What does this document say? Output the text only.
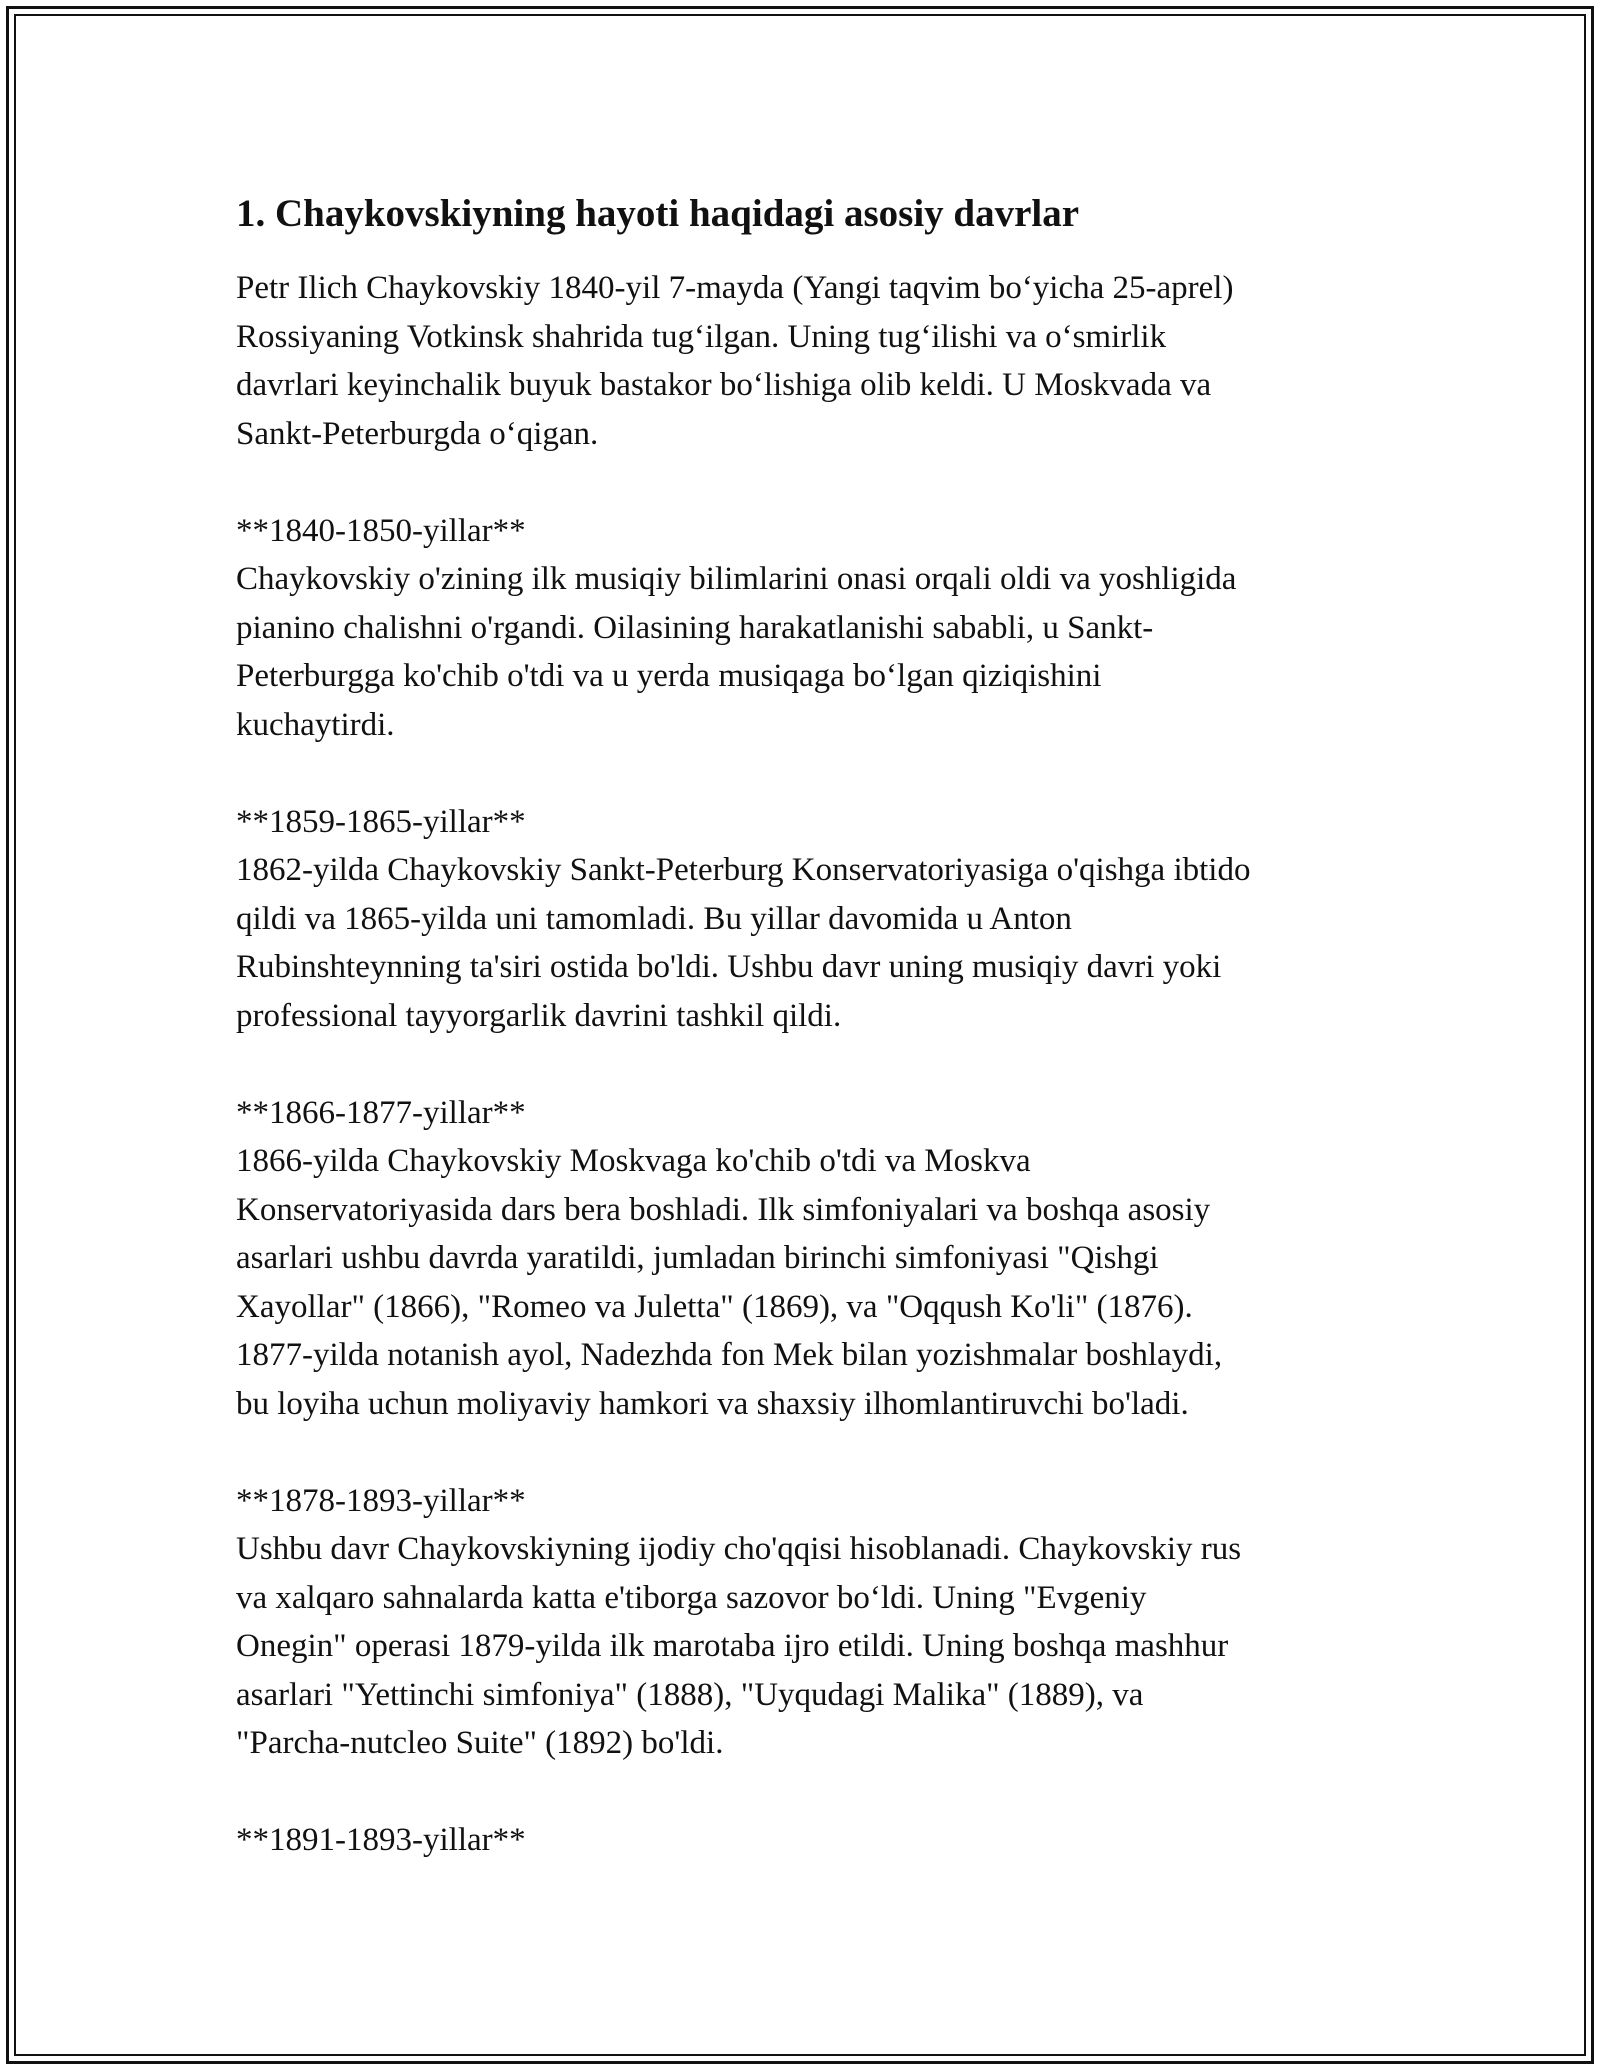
1. Chaykovskiyning hayoti haqidagi asosiy davrlar

Petr Ilich Chaykovskiy 1840-yil 7-mayda (Yangi taqvim bo‘yicha 25-aprel)
Rossiyaning Votkinsk shahrida tug‘ilgan. Uning tug‘ilishi va o‘smirlik
davrlari keyinchalik buyuk bastakor bo‘lishiga olib keldi. U Moskvada va
Sankt-Peterburgda o‘qigan.

**1840-1850-yillar**

Chaykovskiy o'zining ilk musiqiy bilimlarini onasi orqali oldi va yoshligida
pianino chalishni o'rgandi. Oilasining harakatlanishi sababli, u Sankt-
Peterburgga ko'chib o'tdi va u yerda musiqaga bo‘lgan qiziqishini
kuchaytirdi.

**1859-1865-yillar**

1862-yilda Chaykovskiy Sankt-Peterburg Konservatoriyasiga o'qishga ibtido
qildi va 1865-yilda uni tamomladi. Bu yillar davomida u Anton
Rubinshteynning ta'siri ostida bo'ldi. Ushbu davr uning musiqiy davri yoki
professional tayyorgarlik davrini tashkil qildi.

**1866-1877-yillar**

1866-yilda Chaykovskiy Moskvaga ko'chib o'tdi va Moskva
Konservatoriyasida dars bera boshladi. Ilk simfoniyalari va boshqa asosiy
asarlari ushbu davrda yaratildi, jumladan birinchi simfoniyasi "Qishgi
Xayollar" (1866), "Romeo va Juletta" (1869), va "Oqqush Ko'li" (1876).
1877-yilda notanish ayol, Nadezhda fon Mek bilan yozishmalar boshlaydi,
bu loyiha uchun moliyaviy hamkori va shaxsiy ilhomlantiruvchi bo'ladi.

**1878-1893-yillar**

Ushbu davr Chaykovskiyning ijodiy cho'qqisi hisoblanadi. Chaykovskiy rus
va xalqaro sahnalarda katta e'tiborga sazovor bo‘ldi. Uning "Evgeniy
Onegin" operasi 1879-yilda ilk marotaba ijro etildi. Uning boshqa mashhur
asarlari "Yettinchi simfoniya" (1888), "Uyqudagi Malika" (1889), va
"Parcha-nutcleo Suite" (1892) bo'ldi.

**1891-1893-yillar**
